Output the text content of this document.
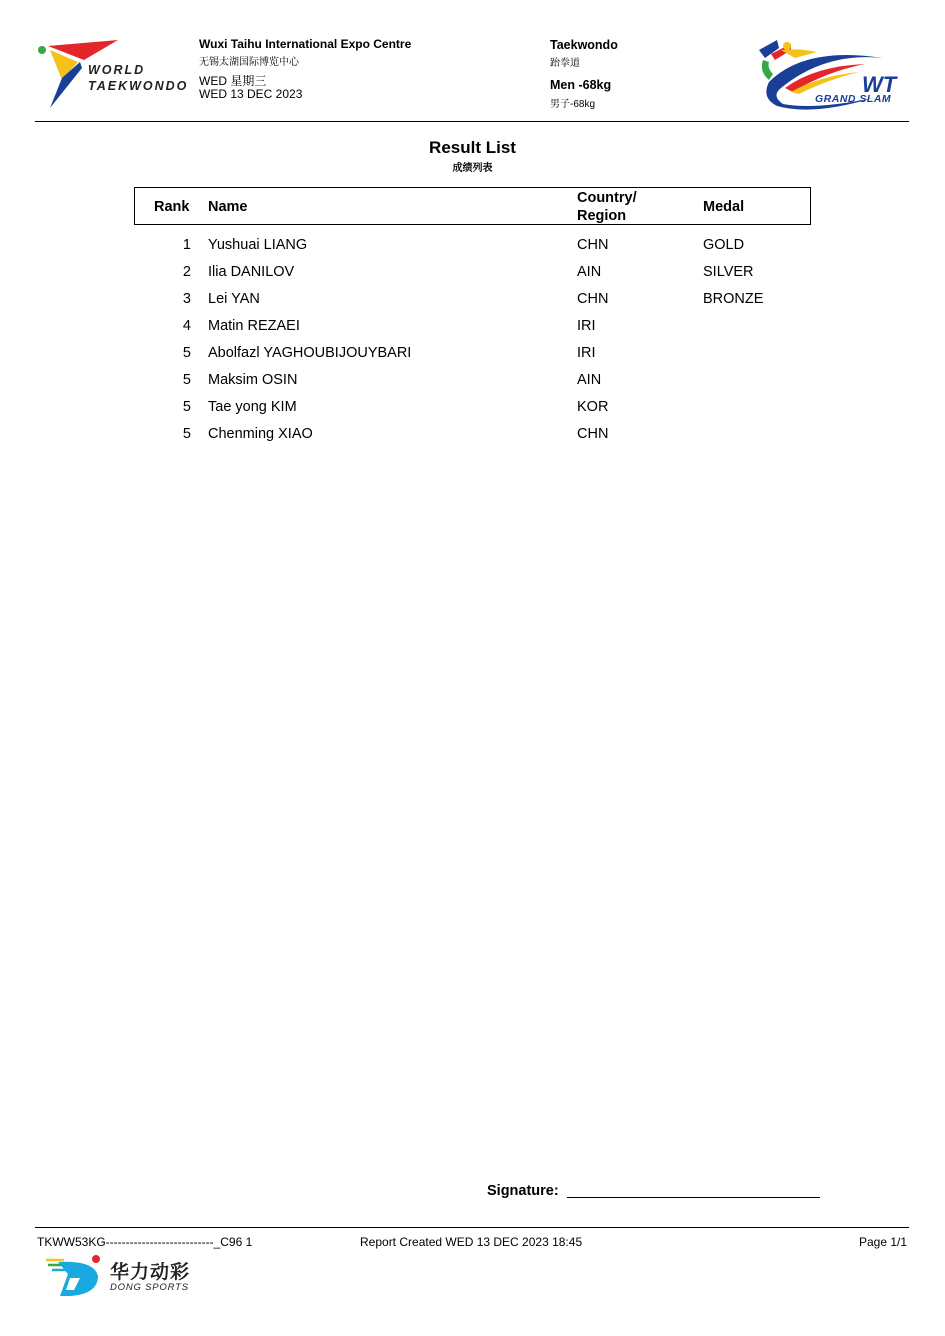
WORLD
TAEKWONDO
Wuxi Taihu International Expo Centre
无锡太湖国际博览中心
WED 星期三
WED 13 DEC 2023
Taekwondo
跆拳道
Men -68kg
男子-68kg
WT
GRAND SLAM
Result List
成绩列表
Rank Name
Country/
Region
Medal
1 Yushuai LIANG	CHN	GOLD
2 Ilia DANILOV	AIN	SILVER
3 Lei YAN	CHN	BRONZE
4 Matin REZAEI	IRI
5 Abolfazl YAGHOUBIJOUYBARI	IRI
5 Maksim OSIN	AIN
5 Tae yong KIM	KOR
5 Chenming XIAO	CHN
Signature:
TKWW53KG---------------------------_C96 1	Report Created WED 13 DEC 2023 18:45	Page 1/1
华力动彩
DONG SPORTS
